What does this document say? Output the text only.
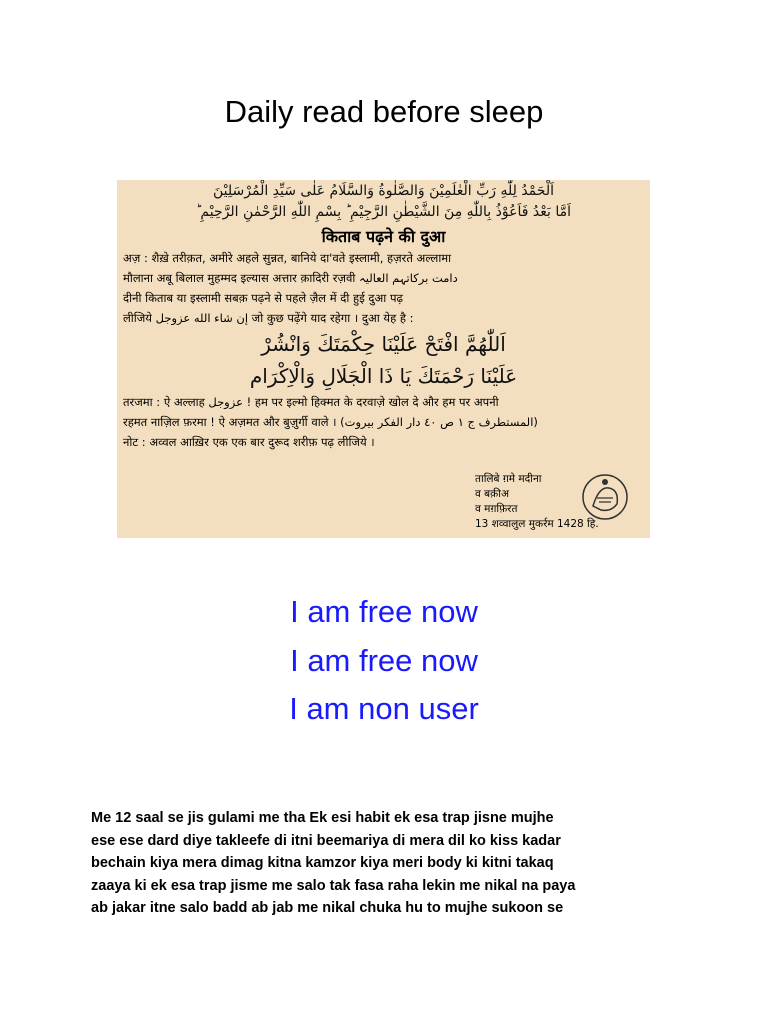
Daily read before sleep
اَلْحَمْدُ لِلّٰهِ رَبِّ الْعٰلَمِيْنَ وَالصَّلٰوةُ وَالسَّلَامُ عَلٰى سَيِّدِ الْمُرْسَلِيْنَ
اَمَّا بَعْدُ فَاَعُوْذُ بِاللّٰهِ مِنَ الشَّيْطٰنِ الرَّجِيْمِ ؕ بِسْمِ اللّٰهِ الرَّحْمٰنِ الرَّحِيْمِ ؕ
किताब पढ़ने की दुआ
अज़ : शैख़े तरीक़त, अमीरे अहले सुन्नत, बानिये दा'वते इस्लामी, हज़रते अल्लामा
मौलाना अबू बिलाल मुहम्मद इल्यास अत्तार क़ादिरी रज़वी دامت برکاتہم العالیہ
दीनी किताब या इस्लामी सबक़ पढ़ने से पहले ज़ैल में दी हुई दुआ पढ़
लीजिये إن شاء الله عزوجل जो कुछ पढ़ेंगे याद रहेगा । दुआ येह है :
اَللّٰهُمَّ افْتَحْ عَلَيْنَا حِكْمَتَكَ وَانْشُرْ
عَلَيْنَا رَحْمَتَكَ يَا ذَا الْجَلَالِ وَالْاِكْرَام
तरजमा : ऐ अल्लाह عزوجل ! हम पर इल्मो हिक्मत के दरवाज़े खोल दे और हम पर अपनी
रहमत नाज़िल फ़रमा ! ऐ अज़मत और बुज़ुर्गी वाले । (المستطرف ج ١ ص ٤٠ دار الفكر بيروت)
नोट : अव्वल आख़िर एक एक बार दुरूद शरीफ़ पढ़ लीजिये ।
तालिबे ग़मे मदीना
व बक़ीअ
व मग़फ़िरत
13 शव्वालुल मुकर्रम 1428 हि.
I am free now
I am free now
I am non user
Me 12 saal se jis gulami me tha Ek esi habit ek esa trap jisne mujhe
ese ese dard diye takleefe di itni beemariya di mera dil ko kiss kadar
bechain kiya mera dimag kitna kamzor kiya meri body ki kitni takaq
zaaya ki ek esa trap jisme me salo tak fasa raha lekin me nikal na paya
ab jakar itne salo badd ab jab me nikal chuka hu to mujhe sukoon se
